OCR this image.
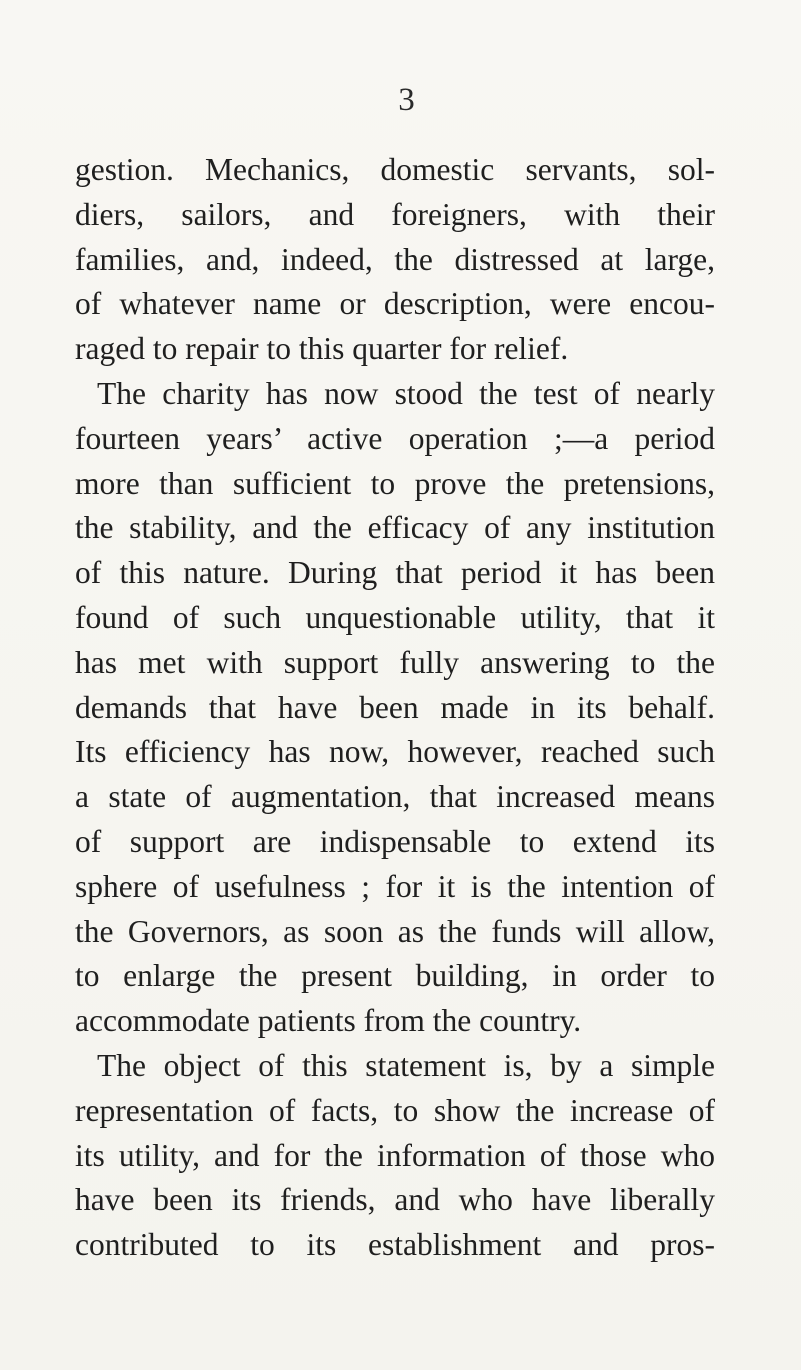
3
gestion. Mechanics, domestic servants, sol-
diers, sailors, and foreigners, with their
families, and, indeed, the distressed at large,
of whatever name or description, were encou-
raged to repair to this quarter for relief.
The charity has now stood the test of nearly
fourteen years’ active operation ;—a period
more than sufficient to prove the pretensions,
the stability, and the efficacy of any institution
of this nature. During that period it has been
found of such unquestionable utility, that it
has met with support fully answering to the
demands that have been made in its behalf.
Its efficiency has now, however, reached such
a state of augmentation, that increased means
of support are indispensable to extend its
sphere of usefulness ; for it is the intention of
the Governors, as soon as the funds will allow,
to enlarge the present building, in order to
accommodate patients from the country.
The object of this statement is, by a simple
representation of facts, to show the increase of
its utility, and for the information of those who
have been its friends, and who have liberally
contributed to its establishment and pros-
